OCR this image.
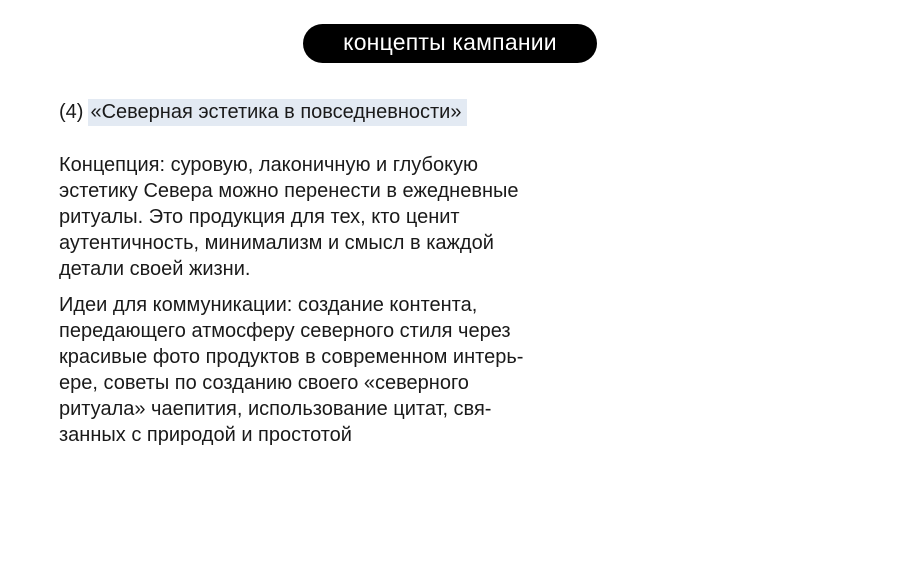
концепты кампании
(4) «Северная эстетика в повседневности»
Концепция: суровую, лаконичную и глубокую
эстетику Севера можно перенести в ежедневные
ритуалы. Это продукция для тех, кто ценит
аутентичность, минимализм и смысл в каждой
детали своей жизни.
Идеи для коммуникации: создание контента,
передающего атмосферу северного стиля через
красивые фото продуктов в современном интерь-
ере, советы по созданию своего «северного
ритуала» чаепития, использование цитат, свя-
занных с природой и простотой
